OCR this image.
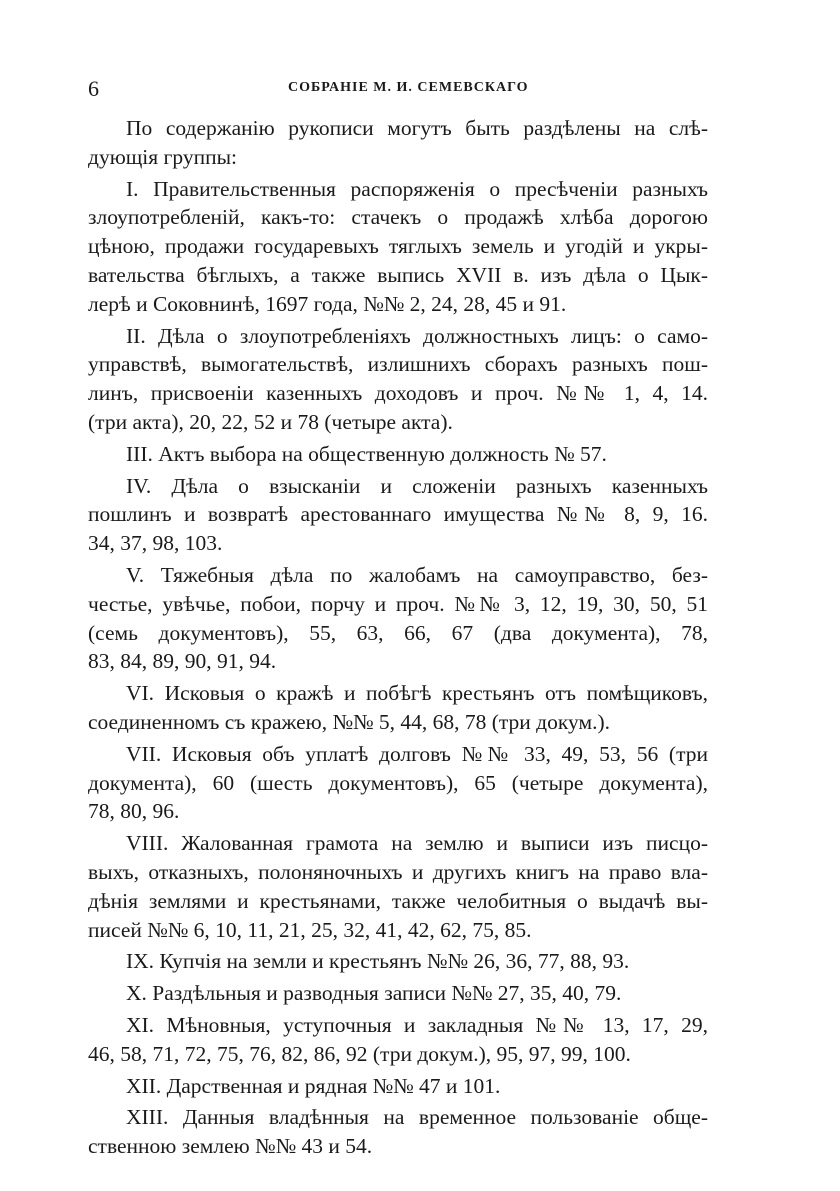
6	СОБРАНІЕ М. И. СЕМЕВСКАГО
По содержанію рукописи могутъ быть раздѣлены на слѣ-
дующія группы:
I. Правительственныя распоряженія о пресѣченіи разныхъ
злоупотребленій, какъ-то: стачекъ о продажѣ хлѣба дорогою
цѣною, продажи государевыхъ тяглыхъ земель и угодій и укры-
вательства бѣглыхъ, а также выпись XVII в. изъ дѣла о Цык-
лерѣ и Соковнинѣ, 1697 года, №№ 2, 24, 28, 45 и 91.
II. Дѣла о злоупотребленіяхъ должностныхъ лицъ: о само-
управствѣ, вымогательствѣ, излишнихъ сборахъ разныхъ пош-
линъ, присвоеніи казенныхъ доходовъ и проч. №№ 1, 4, 14.
(три акта), 20, 22, 52 и 78 (четыре акта).
III. Актъ выбора на общественную должность № 57.
IV. Дѣла о взысканіи и сложеніи разныхъ казенныхъ
пошлинъ и возвратѣ арестованнаго имущества №№ 8, 9, 16.
34, 37, 98, 103.
V. Тяжебныя дѣла по жалобамъ на самоуправство, без-
честье, увѣчье, побои, порчу и проч. №№ 3, 12, 19, 30, 50, 51
(семь документовъ), 55, 63, 66, 67 (два документа), 78,
83, 84, 89, 90, 91, 94.
VI. Исковыя о кражѣ и побѣгѣ крестьянъ отъ помѣщиковъ,
соединенномъ съ кражею, №№ 5, 44, 68, 78 (три докум.).
VII. Исковыя объ уплатѣ долговъ №№ 33, 49, 53, 56 (три
документа), 60 (шесть документовъ), 65 (четыре документа),
78, 80, 96.
VIII. Жалованная грамота на землю и выписи изъ писцо-
выхъ, отказныхъ, полоняночныхъ и другихъ книгъ на право вла-
дѣнія землями и крестьянами, также челобитныя о выдачѣ вы-
писей №№ 6, 10, 11, 21, 25, 32, 41, 42, 62, 75, 85.
IX. Купчія на земли и крестьянъ №№ 26, 36, 77, 88, 93.
X. Раздѣльныя и разводныя записи №№ 27, 35, 40, 79.
XI. Мѣновныя, уступочныя и закладныя №№ 13, 17, 29,
46, 58, 71, 72, 75, 76, 82, 86, 92 (три докум.), 95, 97, 99, 100.
XII. Дарственная и рядная №№ 47 и 101.
XIII. Данныя владѣнныя на временное пользованіе обще-
ственною землею №№ 43 и 54.
